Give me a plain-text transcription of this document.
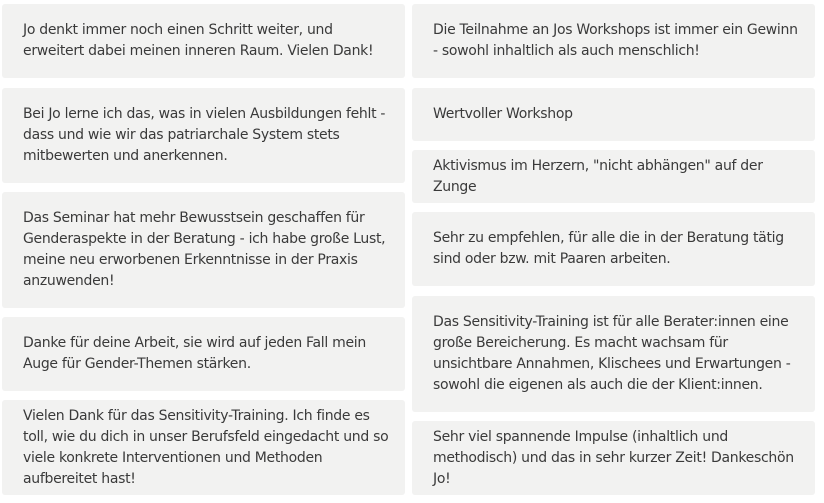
Jo denkt immer noch einen Schritt weiter, und erweitert dabei meinen inneren Raum. Vielen Dank!

Bei Jo lerne ich das, was in vielen Ausbildungen fehlt - dass und wie wir das patriarchale System stets mitbewerten und anerkennen.

Das Seminar hat mehr Bewusstsein geschaffen für Genderaspekte in der Beratung - ich habe große Lust, meine neu erworbenen Erkenntnisse in der Praxis anzuwenden!

Danke für deine Arbeit, sie wird auf jeden Fall mein Auge für Gender-Themen stärken.

Vielen Dank für das Sensitivity-Training. Ich finde es toll, wie du dich in unser Berufsfeld eingedacht und so viele konkrete Interventionen und Methoden aufbereitet hast!

Die Teilnahme an Jos Workshops ist immer ein Gewinn - sowohl inhaltlich als auch menschlich!

Wertvoller Workshop

Aktivismus im Herzern, "nicht abhängen" auf der Zunge

Sehr zu empfehlen, für alle die in der Beratung tätig sind oder bzw. mit Paaren arbeiten.

Das Sensitivity-Training ist für alle Berater:innen eine große Bereicherung. Es macht wachsam für unsichtbare Annahmen, Klischees und Erwartungen - sowohl die eigenen als auch die der Klient:innen.

Sehr viel spannende Impulse (inhaltlich und methodisch) und das in sehr kurzer Zeit! Dankeschön Jo!
